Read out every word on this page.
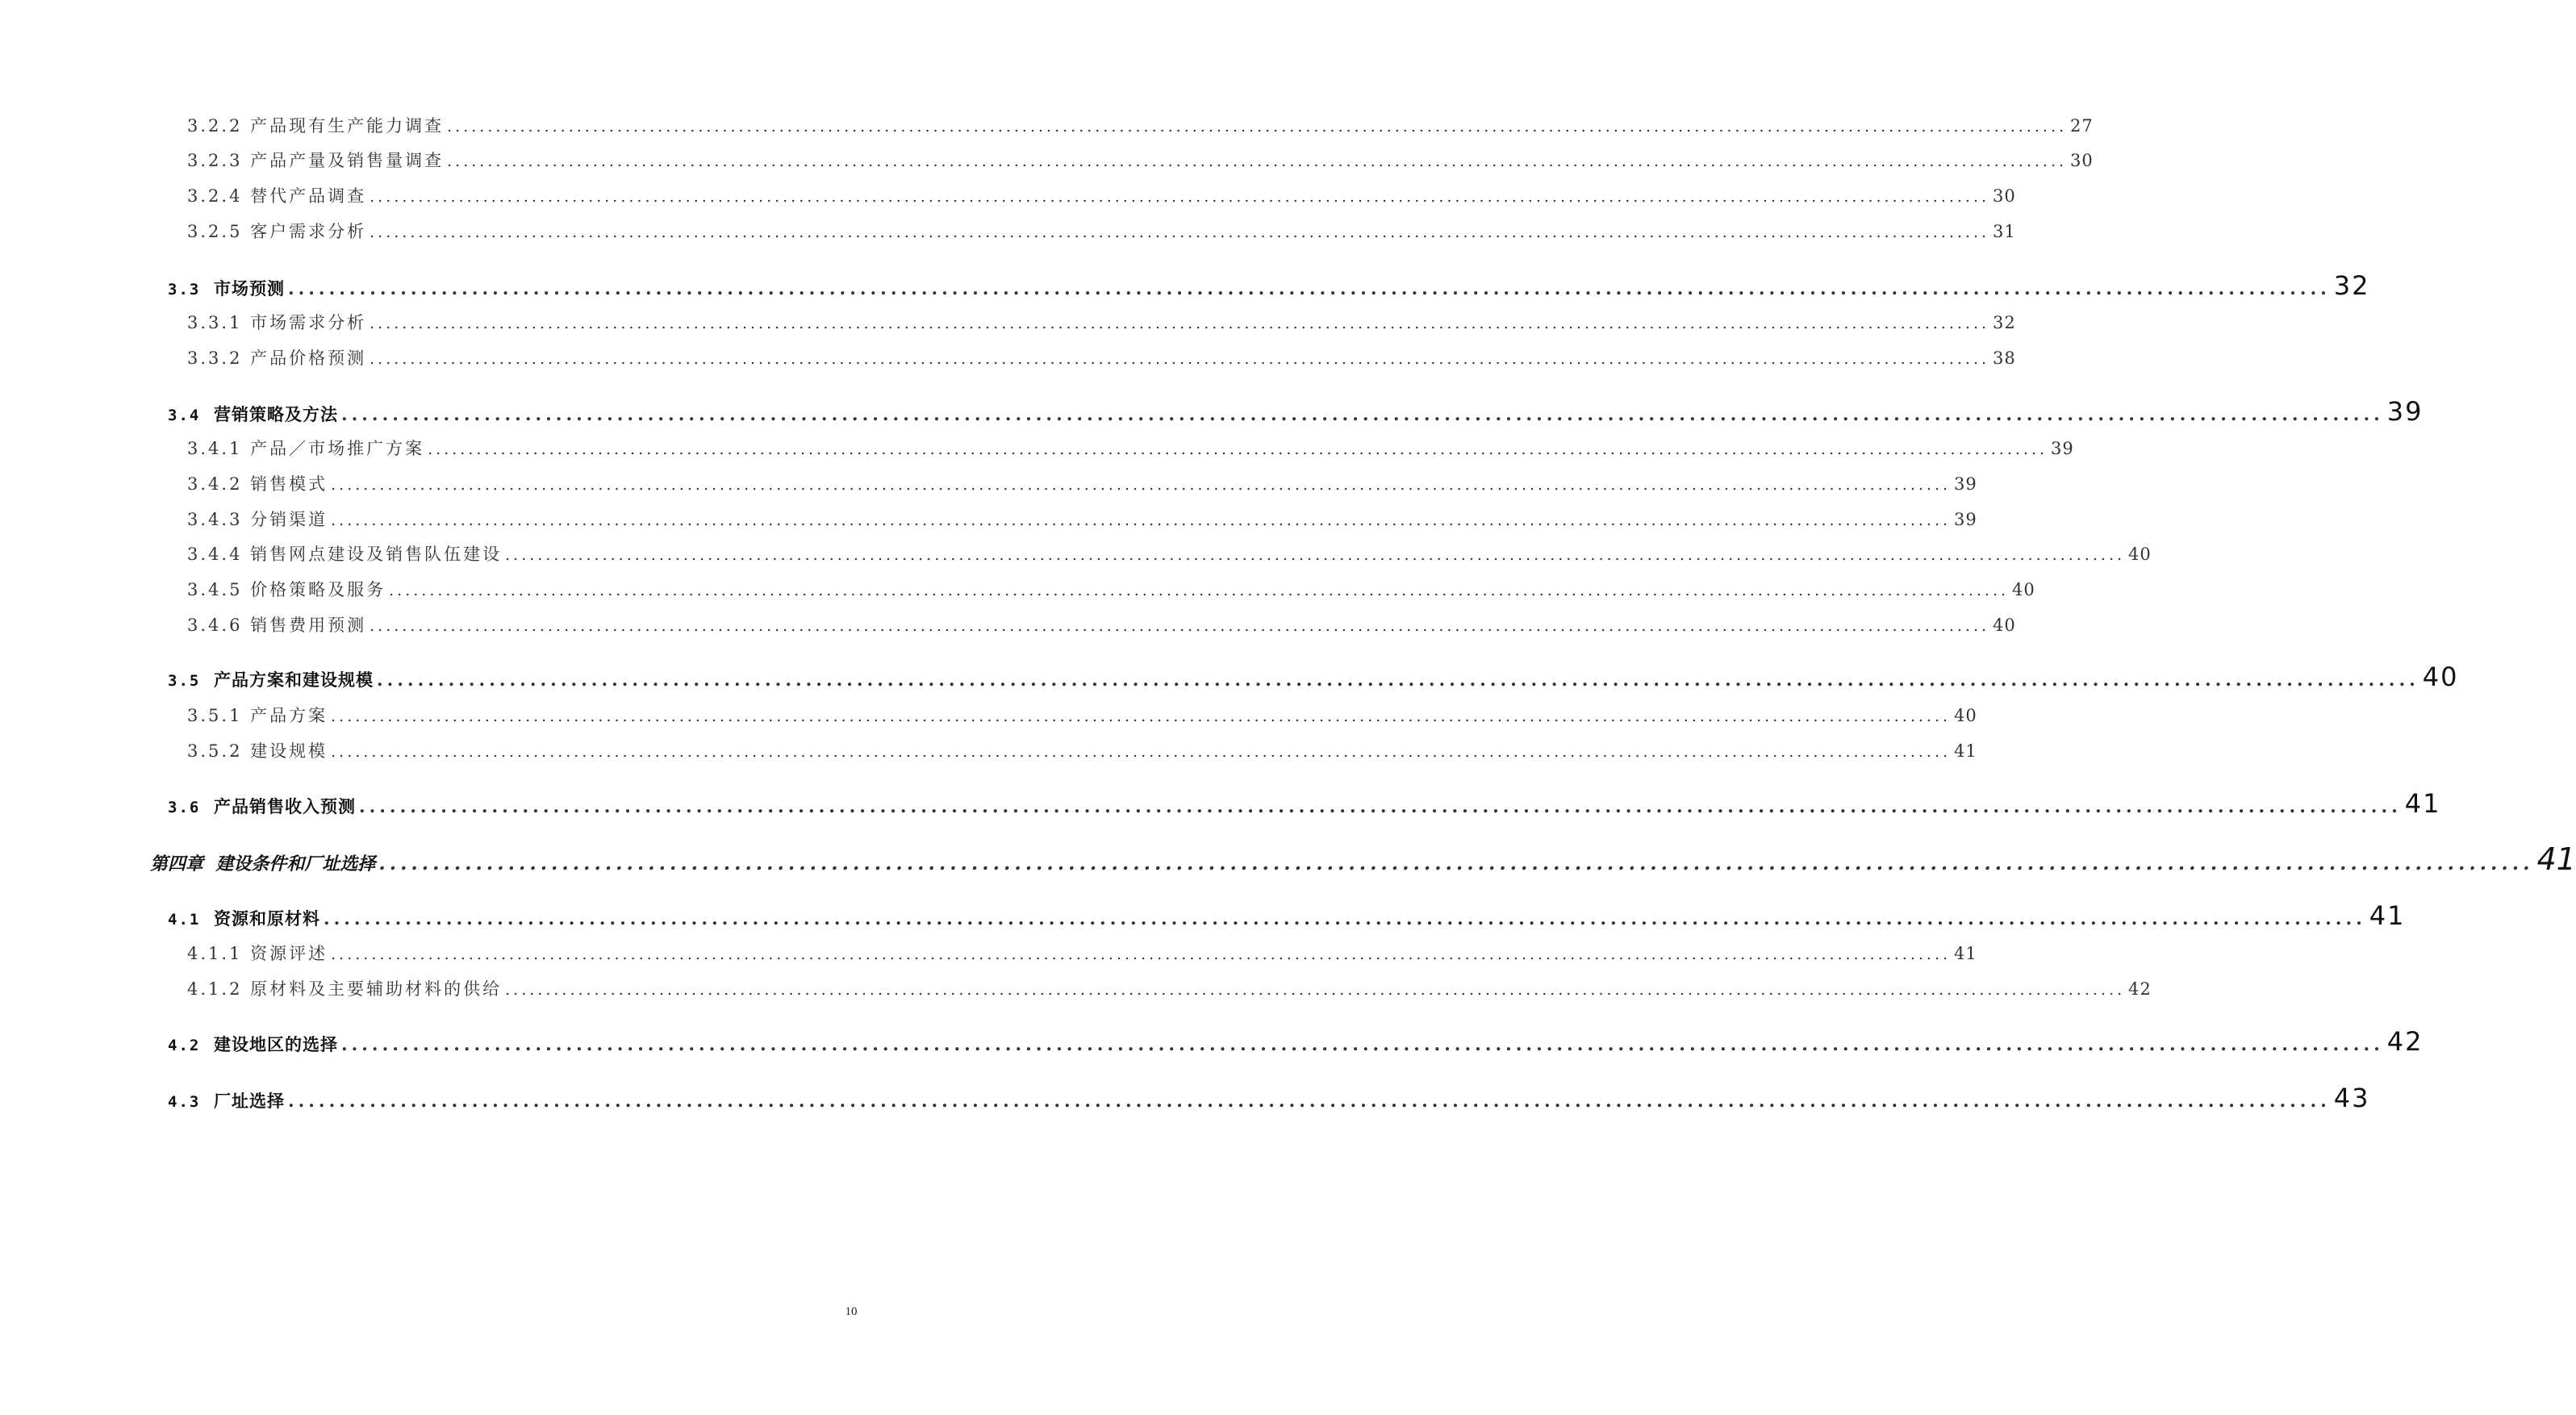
3.2.2
产品现有生产能力调查 ........................................................................................................................................................................................................ 27
3.2.3
产品产量及销售量调查 ........................................................................................................................................................................................................ 30
3.2.4
替代产品调查 ........................................................................................................................................................................................................ 30
3.2.5
客户需求分析 ........................................................................................................................................................................................................ 31
3.3
市场预测 ........................................................................................................................................................................................................ 32
3.3.1
市场需求分析 ........................................................................................................................................................................................................ 32
3.3.2
产品价格预测 ........................................................................................................................................................................................................ 38
3.4
营销策略及方法 ........................................................................................................................................................................................................ 39
3.4.1
产品／市场推广方案 ........................................................................................................................................................................................................ 39
3.4.2
销售模式 ........................................................................................................................................................................................................ 39
3.4.3
分销渠道 ........................................................................................................................................................................................................ 39
3.4.4
销售网点建设及销售队伍建设 ........................................................................................................................................................................................................ 40
3.4.5
价格策略及服务 ........................................................................................................................................................................................................ 40
3.4.6
销售费用预测 ........................................................................................................................................................................................................ 40
3.5
产品方案和建设规模 ........................................................................................................................................................................................................ 40
3.5.1
产品方案 ........................................................................................................................................................................................................ 40
3.5.2
建设规模 ........................................................................................................................................................................................................ 41
3.6
产品销售收入预测 ........................................................................................................................................................................................................ 41
第四章
建设条件和厂址选择 ........................................................................................................................................................................................................ 41
4.1
资源和原材料 ........................................................................................................................................................................................................ 41
4.1.1
资源评述 ........................................................................................................................................................................................................ 41
4.1.2
原材料及主要辅助材料的供给 ........................................................................................................................................................................................................ 42
4.2
建设地区的选择 ........................................................................................................................................................................................................ 42
4.3
厂址选择 ........................................................................................................................................................................................................ 43
10
